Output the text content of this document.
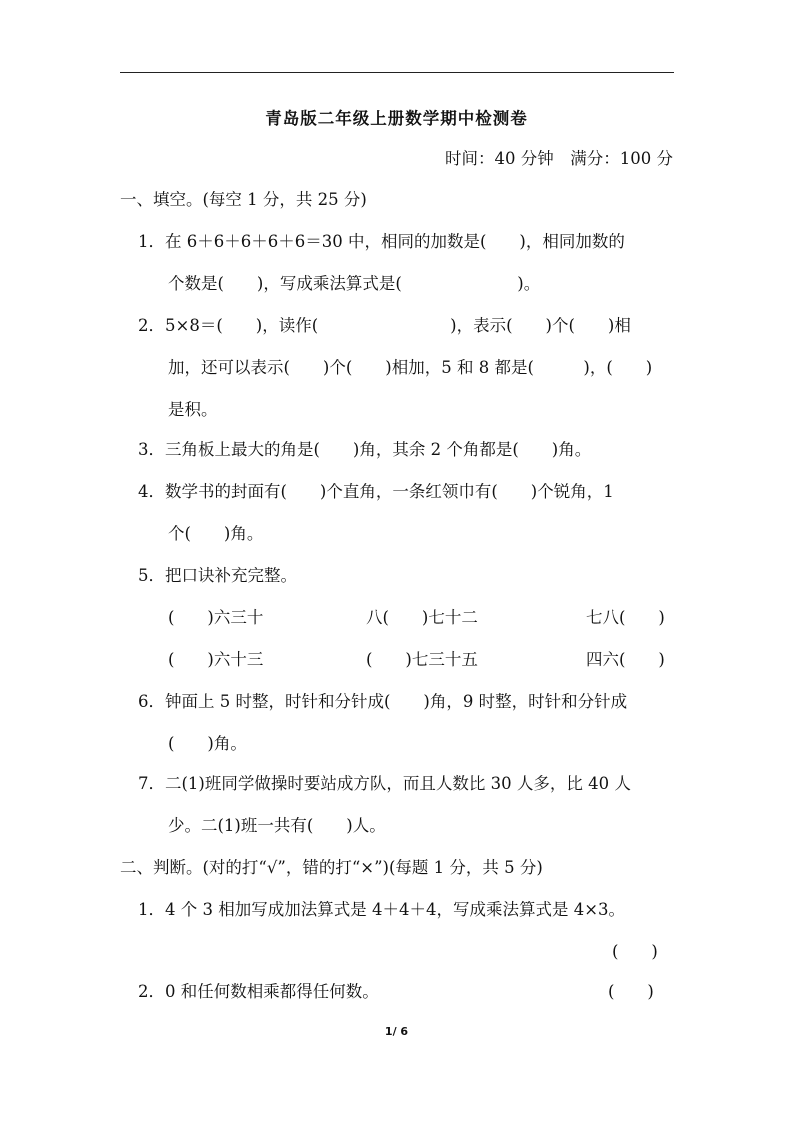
青岛版二年级上册数学期中检测卷
时间：40 分钟　满分：100 分
一、填空。(每空 1 分，共 25 分)
1．在 6＋6＋6＋6＋6＝30 中，相同的加数是(　　)，相同加数的
个数是(　　)，写成乘法算式是(　　　　　　　)。
2．5×8＝(　　)，读作(　　　　　　　　)，表示(　　)个(　　)相
加，还可以表示(　　)个(　　)相加，5 和 8 都是(　　　)，(　　)
是积。
3．三角板上最大的角是(　　)角，其余 2 个角都是(　　)角。
4．数学书的封面有(　　)个直角，一条红领巾有(　　)个锐角，1
个(　　)角。
5．把口诀补充完整。
(　　)六三十	八(　　)七十二	七八(　　)
(　　)六十三	(　　)七三十五	四六(　　)
6．钟面上 5 时整，时针和分针成(　　)角，9 时整，时针和分针成
(　　)角。
7．二(1)班同学做操时要站成方队，而且人数比 30 人多，比 40 人
少。二(1)班一共有(　　)人。
二、判断。(对的打“√”，错的打“×”)(每题 1 分，共 5 分)
1．4 个 3 相加写成加法算式是 4＋4＋4，写成乘法算式是 4×3。
(　　)
2．0 和任何数相乘都得任何数。	(　　)
1/ 6
